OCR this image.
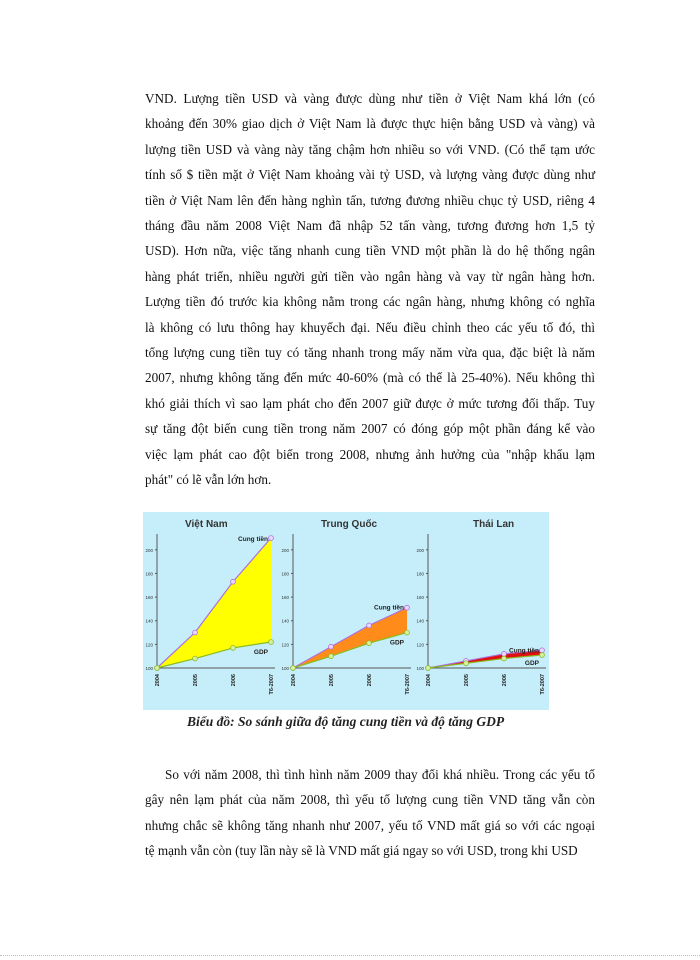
VND. Lượng tiền USD và vàng được dùng như tiền ở Việt Nam khá lớn (có
khoảng đến 30% giao dịch ở Việt Nam là được thực hiện bằng USD và vàng) và
lượng tiền USD và vàng này tăng chậm hơn nhiều so với VND. (Có thể tạm ước
tính số $ tiền mặt ở Việt Nam khoảng vài tỷ USD, và lượng vàng được dùng như
tiền ở Việt Nam lên đến hàng nghìn tấn, tương đương nhiều chục tỷ USD, riêng 4
tháng đầu năm 2008 Việt Nam đã nhập 52 tấn vàng, tương đương hơn 1,5 tỷ
USD). Hơn nữa, việc tăng nhanh cung tiền VND một phần là do hệ thống ngân
hàng phát triển, nhiều người gửi tiền vào ngân hàng và vay từ ngân hàng hơn.
Lượng tiền đó trước kia không nằm trong các ngân hàng, nhưng không có nghĩa
là không có lưu thông hay khuyếch đại. Nếu điều chỉnh theo các yếu tố đó, thì
tổng lượng cung tiền tuy có tăng nhanh trong mấy năm vừa qua, đặc biệt là năm
2007, nhưng không tăng đến mức 40-60% (mà có thể là 25-40%). Nếu không thì
khó giải thích vì sao lạm phát cho đến 2007 giữ được ở mức tương đối thấp. Tuy
sự tăng đột biến cung tiền trong năm 2007 có đóng góp một phần đáng kể vào
việc lạm phát cao đột biến trong 2008, nhưng ảnh hưởng của "nhập khẩu lạm
phát" có lẽ vẫn lớn hơn.
Việt Nam
100
120
140
160
180
200
Cung tiền
GDP
2004	2005	2006	T6-2007
Trung Quốc
100
120
140
160
180
200
Cung tiền
GDP
2004	2005	2006	T6-2007
Thái Lan
100
120
140
160
180
200
Cung tiền
GDP
2004	2005	2006	T6-2007
Biểu đồ: So sánh giữa độ tăng cung tiền và độ tăng GDP
So với năm 2008, thì tình hình năm 2009 thay đổi khá nhiều. Trong các yếu tố
gây nên lạm phát của năm 2008, thì yếu tố lượng cung tiền VND tăng vẫn còn
nhưng chắc sẽ không tăng nhanh như 2007, yếu tố VND mất giá so với các ngoại
tệ mạnh vẫn còn (tuy lần này sẽ là VND mất giá ngay so với USD, trong khi USD
